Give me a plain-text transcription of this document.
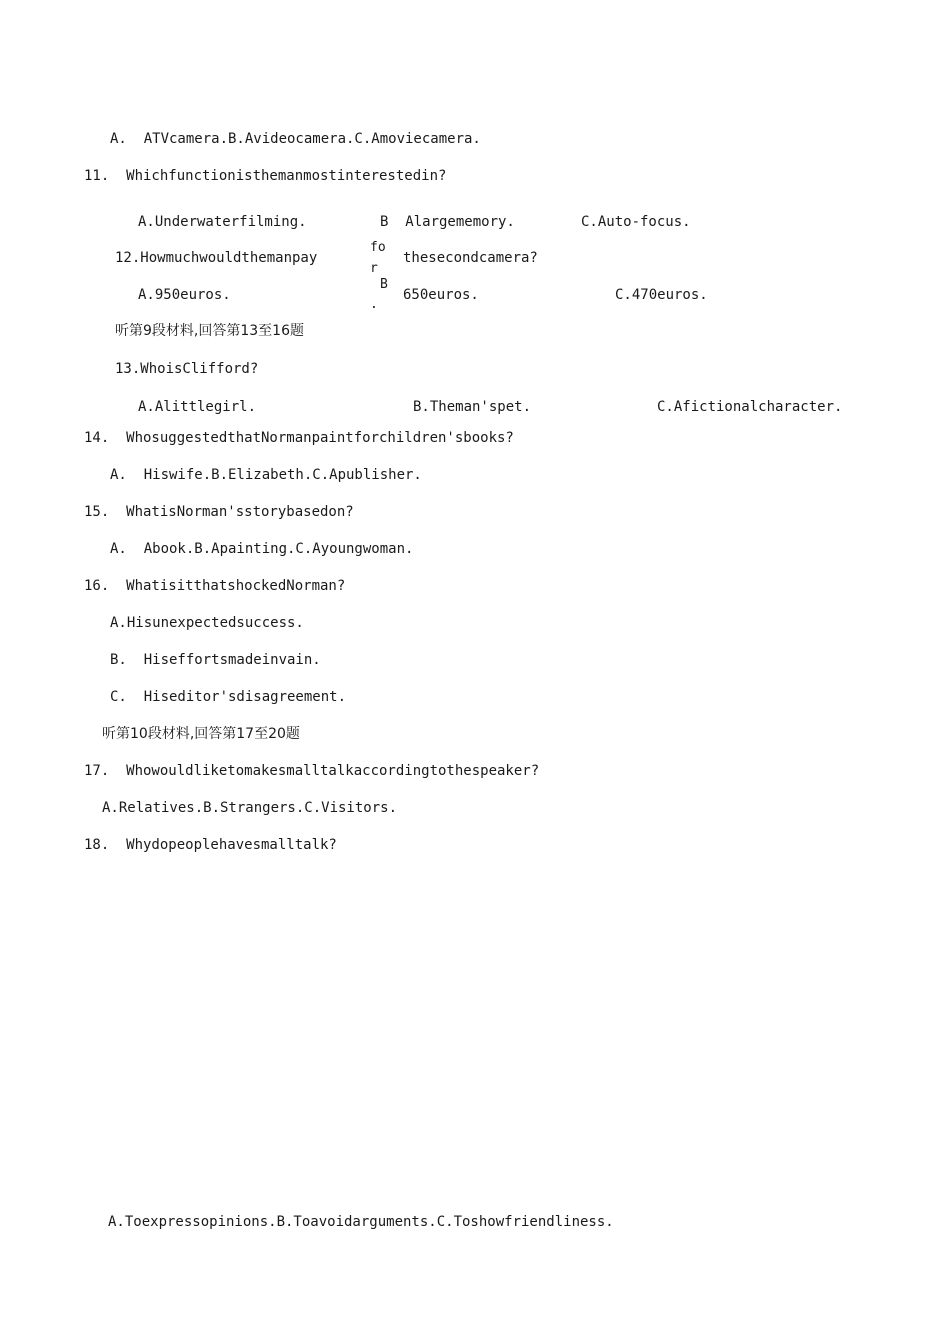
A.  ATVcamera.B.Avideocamera.C.Amoviecamera.
11.  Whichfunctionisthemanmostinterestedin?
A.Underwaterfilming.	B  Alargememory.	C.Auto-focus.
12.Howmuchwouldthemanpay
fo
r
thesecondcamera?
A.950euros.
B
.
650euros.	C.470euros.
听第9段材料,回答第13至16题
13.WhoisClifford?
A.Alittlegirl.	B.Theman'spet.	C.Afictionalcharacter.
14.  WhosuggestedthatNormanpaintforchildren'sbooks?
A.  Hiswife.B.Elizabeth.C.Apublisher.
15.  WhatisNorman'sstorybasedon?
A.  Abook.B.Apainting.C.Ayoungwoman.
16.  WhatisitthatshockedNorman?
A.Hisunexpectedsuccess.
B.  Hiseffortsmadeinvain.
C.  Hiseditor'sdisagreement.
听第10段材料,回答第17至20题
17.  Whowouldliketomakesmalltalkaccordingtothespeaker?
A.Relatives.B.Strangers.C.Visitors.
18.  Whydopeoplehavesmalltalk?
A.Toexpressopinions.B.Toavoidarguments.C.Toshowfriendliness.
